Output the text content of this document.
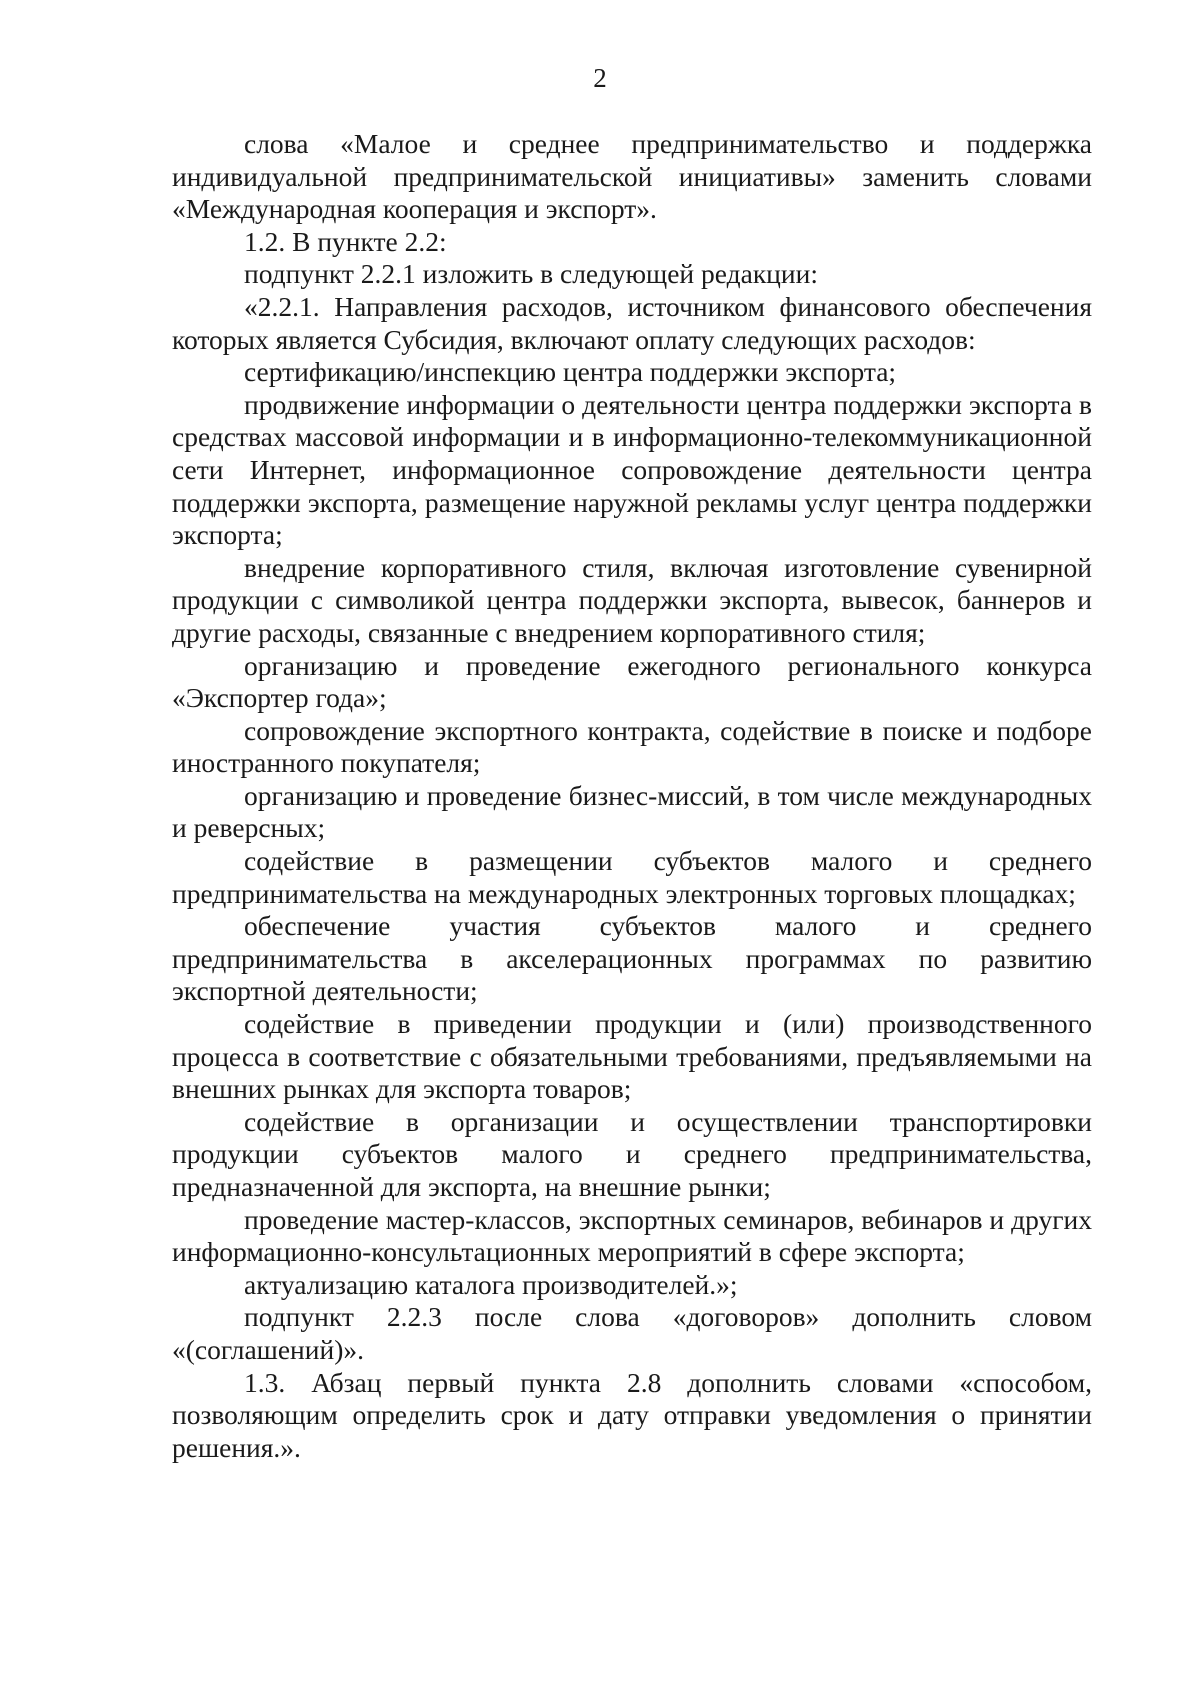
2

слова «Малое и среднее предпринимательство и поддержка индивидуальной предпринимательской инициативы» заменить словами «Международная кооперация и экспорт».

1.2. В пункте 2.2:

подпункт 2.2.1 изложить в следующей редакции:

«2.2.1. Направления расходов, источником финансового обеспечения которых является Субсидия, включают оплату следующих расходов:

сертификацию/инспекцию центра поддержки экспорта;

продвижение информации о деятельности центра поддержки экспорта в средствах массовой информации и в информационно-телекоммуникационной сети Интернет, информационное сопровождение деятельности центра поддержки экспорта, размещение наружной рекламы услуг центра поддержки экспорта;

внедрение корпоративного стиля, включая изготовление сувенирной продукции с символикой центра поддержки экспорта, вывесок, баннеров и другие расходы, связанные с внедрением корпоративного стиля;

организацию и проведение ежегодного регионального конкурса «Экспортер года»;

сопровождение экспортного контракта, содействие в поиске и подборе иностранного покупателя;

организацию и проведение бизнес-миссий, в том числе международных и реверсных;

содействие в размещении субъектов малого и среднего предпринимательства на международных электронных торговых площадках;

обеспечение участия субъектов малого и среднего предпринимательства в акселерационных программах по развитию экспортной деятельности;

содействие в приведении продукции и (или) производственного процесса в соответствие с обязательными требованиями, предъявляемыми на внешних рынках для экспорта товаров;

содействие в организации и осуществлении транспортировки продукции субъектов малого и среднего предпринимательства, предназначенной для экспорта, на внешние рынки;

проведение мастер-классов, экспортных семинаров, вебинаров и других информационно-консультационных мероприятий в сфере экспорта;

актуализацию каталога производителей.»;

подпункт 2.2.3 после слова «договоров» дополнить словом «(соглашений)».

1.3. Абзац первый пункта 2.8 дополнить словами «способом, позволяющим определить срок и дату отправки уведомления о принятии решения.».
